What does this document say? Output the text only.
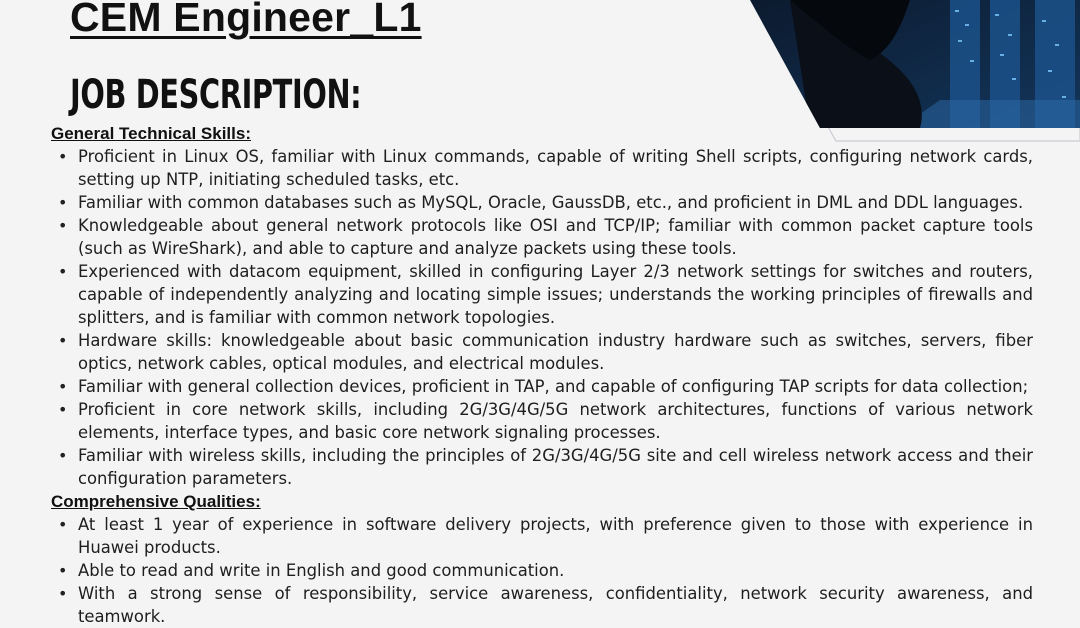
CEM Engineer_L1
JOB DESCRIPTION:
General Technical Skills:
• Proficient in Linux OS, familiar with Linux commands, capable of writing Shell scripts, configuring network cards, setting up NTP, initiating scheduled tasks, etc.
• Familiar with common databases such as MySQL, Oracle, GaussDB, etc., and proficient in DML and DDL languages.
• Knowledgeable about general network protocols like OSI and TCP/IP; familiar with common packet capture tools (such as WireShark), and able to capture and analyze packets using these tools.
• Experienced with datacom equipment, skilled in configuring Layer 2/3 network settings for switches and routers, capable of independently analyzing and locating simple issues; understands the working principles of firewalls and splitters, and is familiar with common network topologies.
• Hardware skills: knowledgeable about basic communication industry hardware such as switches, servers, fiber optics, network cables, optical modules, and electrical modules.
• Familiar with general collection devices, proficient in TAP, and capable of configuring TAP scripts for data collection;
• Proficient in core network skills, including 2G/3G/4G/5G network architectures, functions of various network elements, interface types, and basic core network signaling processes.
• Familiar with wireless skills, including the principles of 2G/3G/4G/5G site and cell wireless network access and their configuration parameters.
Comprehensive Qualities:
• At least 1 year of experience in software delivery projects, with preference given to those with experience in Huawei products.
• Able to read and write in English and good communication.
• With a strong sense of responsibility, service awareness, confidentiality, network security awareness, and teamwork.
